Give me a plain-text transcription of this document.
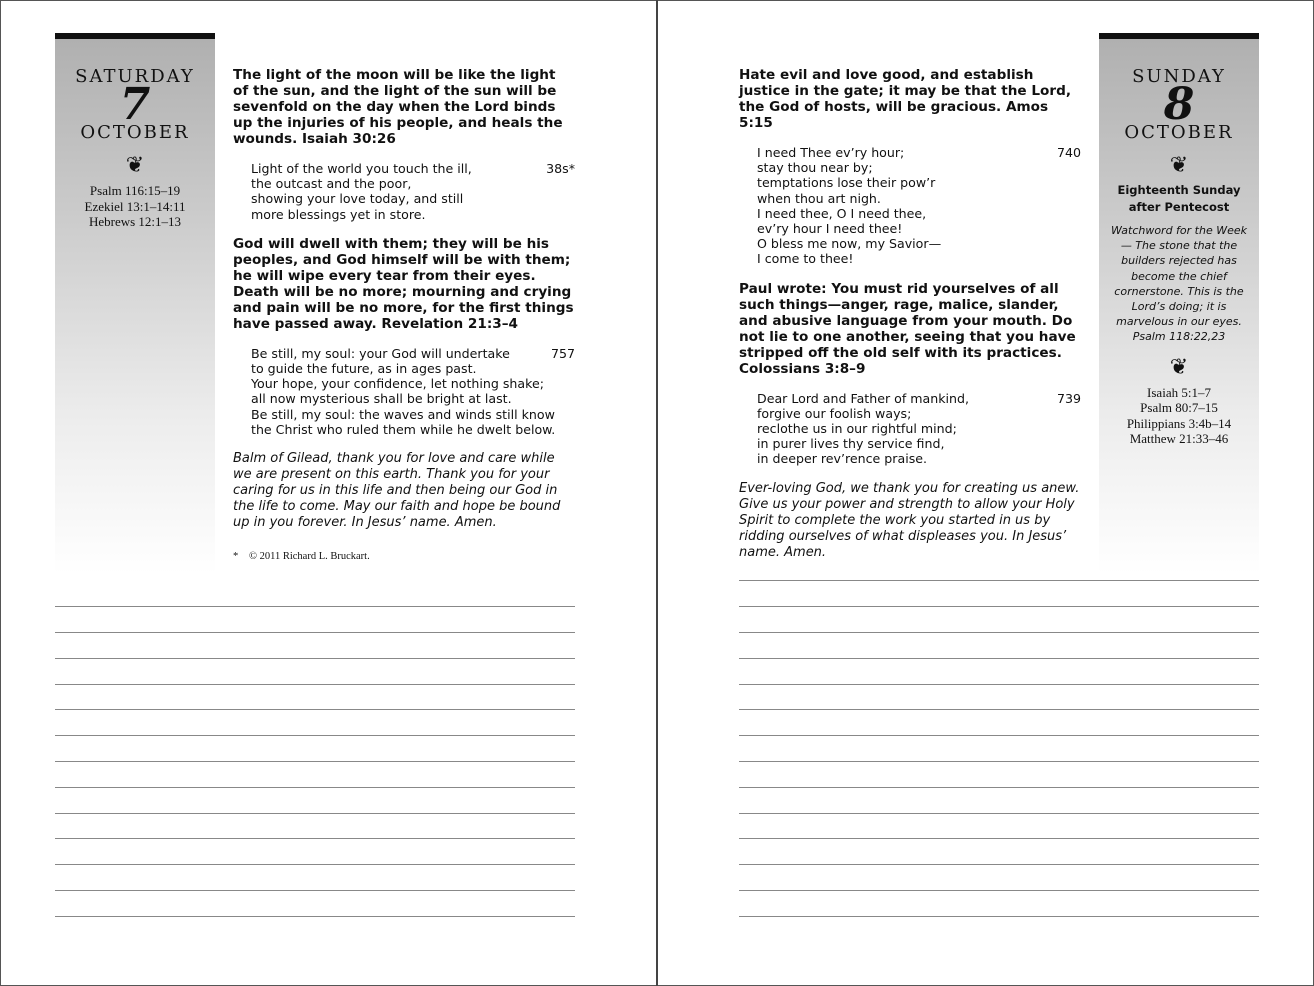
SATURDAY
7
OCTOBER
❦
Psalm 116:15–19
Ezekiel 13:1–14:11
Hebrews 12:1–13

The light of the moon will be like the light of the sun, and the light of the sun will be sevenfold on the day when the Lord binds up the injuries of his people, and heals the wounds. Isaiah 30:26

38s*
Light of the world you touch the ill,
the outcast and the poor,
showing your love today, and still
more blessings yet in store.

God will dwell with them; they will be his peoples, and God himself will be with them; he will wipe every tear from their eyes. Death will be no more; mourning and crying and pain will be no more, for the first things have passed away. Revelation 21:3–4

757
Be still, my soul: your God will undertake
to guide the future, as in ages past.
Your hope, your confidence, let nothing shake;
all now mysterious shall be bright at last.
Be still, my soul: the waves and winds still know
the Christ who ruled them while he dwelt below.

Balm of Gilead, thank you for love and care while we are present on this earth. Thank you for your caring for us in this life and then being our God in the life to come. May our faith and hope be bound up in you forever. In Jesus’ name. Amen.

* © 2011 Richard L. Bruckart.

Hate evil and love good, and establish justice in the gate; it may be that the Lord, the God of hosts, will be gracious. Amos 5:15

740
I need Thee ev’ry hour;
stay thou near by;
temptations lose their pow’r
when thou art nigh.
I need thee, O I need thee,
ev’ry hour I need thee!
O bless me now, my Savior—
I come to thee!

Paul wrote: You must rid yourselves of all such things—anger, rage, malice, slander, and abusive language from your mouth. Do not lie to one another, seeing that you have stripped off the old self with its practices. Colossians 3:8–9

739
Dear Lord and Father of mankind,
forgive our foolish ways;
reclothe us in our rightful mind;
in purer lives thy service find,
in deeper rev’rence praise.

Ever-loving God, we thank you for creating us anew. Give us your power and strength to allow your Holy Spirit to complete the work you started in us by ridding ourselves of what displeases you. In Jesus’ name. Amen.

SUNDAY
8
OCTOBER
❦
Eighteenth Sunday
after Pentecost
Watchword for the Week — The stone that the builders rejected has become the chief cornerstone. This is the Lord’s doing; it is marvelous in our eyes. Psalm 118:22,23
❦
Isaiah 5:1–7
Psalm 80:7–15
Philippians 3:4b–14
Matthew 21:33–46
